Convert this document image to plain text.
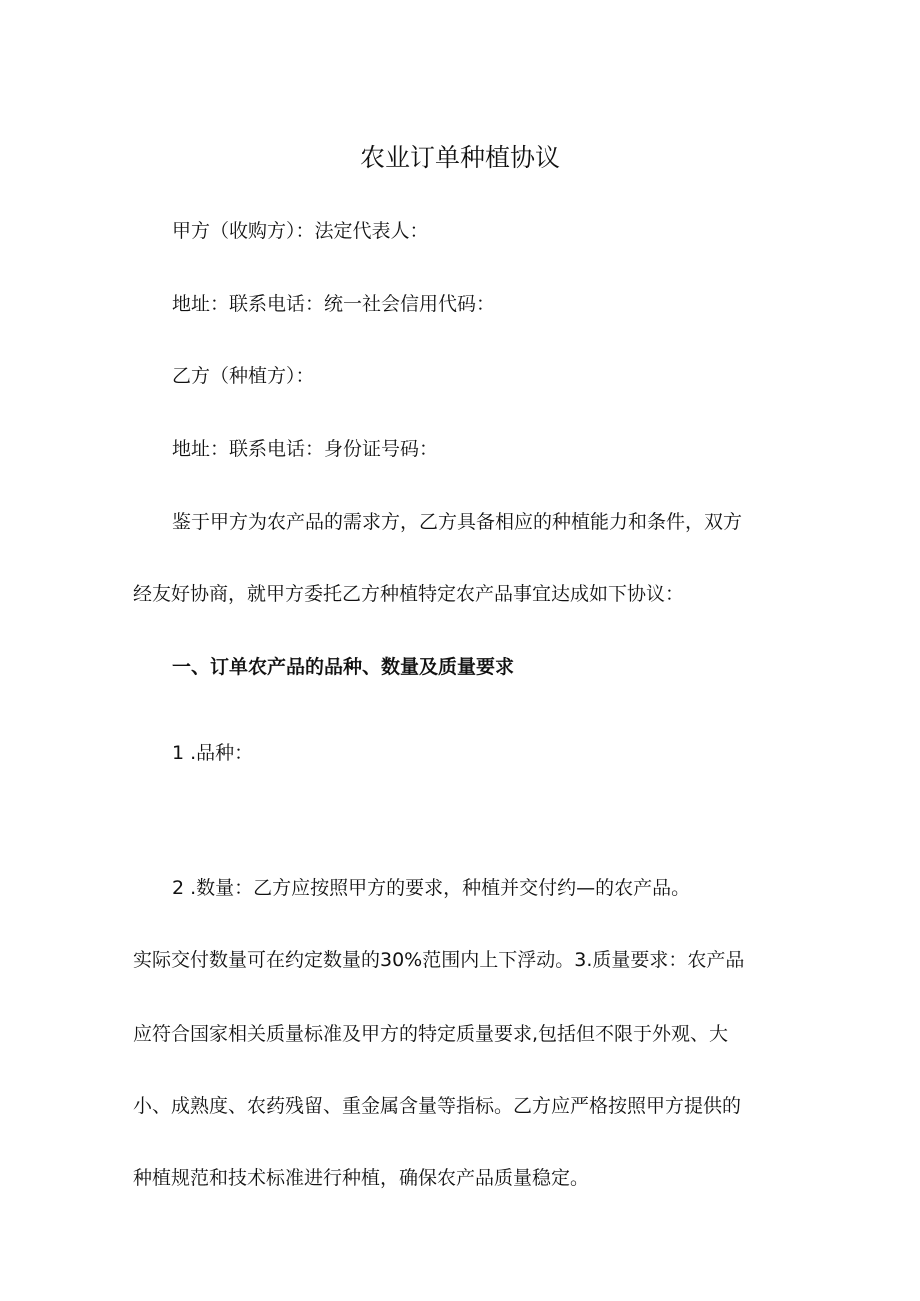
农业订单种植协议
甲方（收购方）：法定代表人：
地址：联系电话：统一社会信用代码：
乙方（种植方）：
地址：联系电话：身份证号码：
鉴于甲方为农产品的需求方，乙方具备相应的种植能力和条件，双方
经友好协商，就甲方委托乙方种植特定农产品事宜达成如下协议：
一、订单农产品的品种、数量及质量要求
1 .品种：
2 .数量：乙方应按照甲方的要求，种植并交付约—的农产品。
实际交付数量可在约定数量的30%范围内上下浮动。3.质量要求：农产品
应符合国家相关质量标准及甲方的特定质量要求,包括但不限于外观、大
小、成熟度、农药残留、重金属含量等指标。乙方应严格按照甲方提供的
种植规范和技术标准进行种植，确保农产品质量稳定。
